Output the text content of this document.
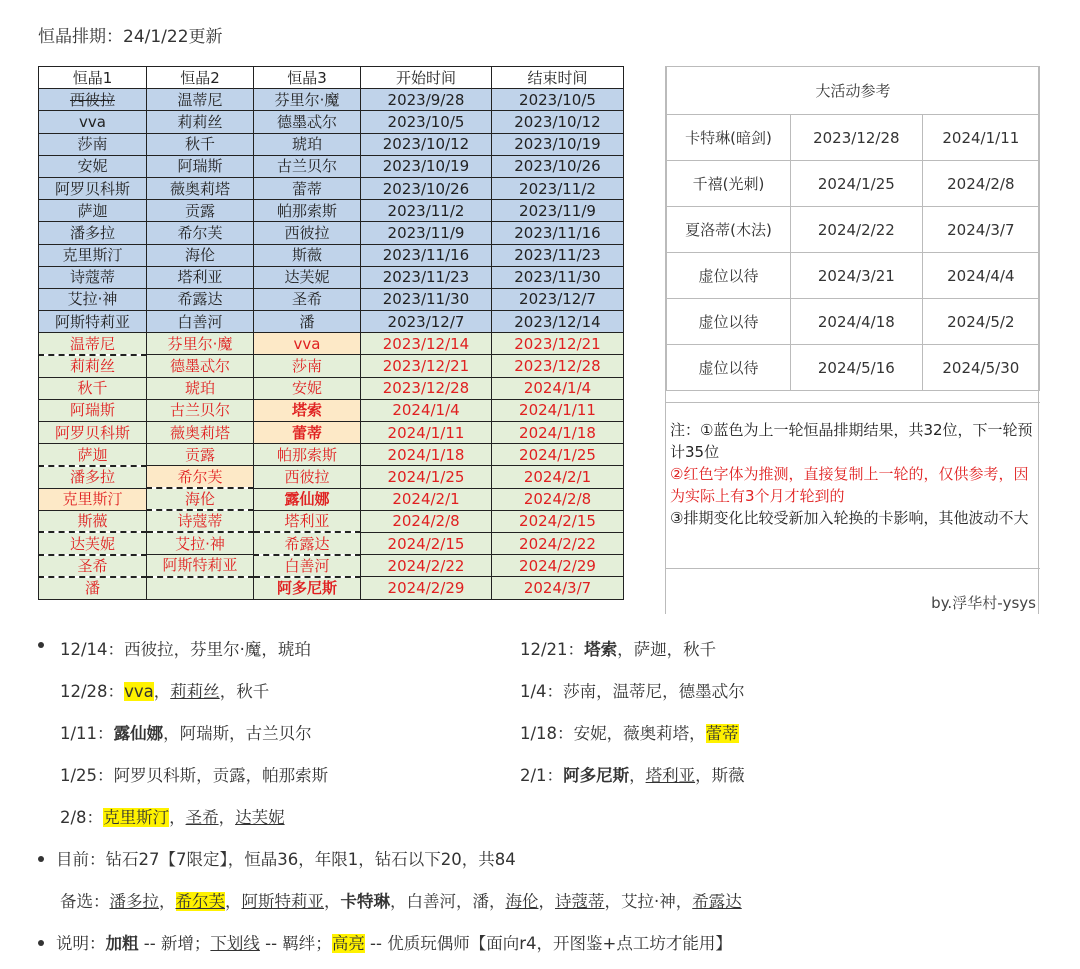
恒晶排期：24/1/22更新
恒晶1	恒晶2	恒晶3	开始时间	结束时间
西彼拉	温蒂尼	芬里尔·魔	2023/9/28	2023/10/5
vva	莉莉丝	德墨忒尔	2023/10/5	2023/10/12
莎南	秋千	琥珀	2023/10/12	2023/10/19
安妮	阿瑞斯	古兰贝尔	2023/10/19	2023/10/26
阿罗贝科斯	薇奥莉塔	蕾蒂	2023/10/26	2023/11/2
萨迦	贡露	帕那索斯	2023/11/2	2023/11/9
潘多拉	希尔芙	西彼拉	2023/11/9	2023/11/16
克里斯汀	海伦	斯薇	2023/11/16	2023/11/23
诗蔻蒂	塔利亚	达芙妮	2023/11/23	2023/11/30
艾拉·神	希露达	圣希	2023/11/30	2023/12/7
阿斯特莉亚	白善河	潘	2023/12/7	2023/12/14
温蒂尼	芬里尔·魔	vva	2023/12/14	2023/12/21
莉莉丝	德墨忒尔	莎南	2023/12/21	2023/12/28
秋千	琥珀	安妮	2023/12/28	2024/1/4
阿瑞斯	古兰贝尔	塔索	2024/1/4	2024/1/11
阿罗贝科斯	薇奥莉塔	蕾蒂	2024/1/11	2024/1/18
萨迦	贡露	帕那索斯	2024/1/18	2024/1/25
潘多拉	希尔芙	西彼拉	2024/1/25	2024/2/1
克里斯汀	海伦	露仙娜	2024/2/1	2024/2/8
斯薇	诗蔻蒂	塔利亚	2024/2/8	2024/2/15
达芙妮	艾拉·神	希露达	2024/2/15	2024/2/22
圣希	阿斯特莉亚	白善河	2024/2/22	2024/2/29
潘		阿多尼斯	2024/2/29	2024/3/7
大活动参考		
卡特琳(暗剑)	2023/12/28	2024/1/11
千禧(光刺)	2024/1/25	2024/2/8
夏洛蒂(木法)	2024/2/22	2024/3/7
虚位以待	2024/3/21	2024/4/4
虚位以待	2024/4/18	2024/5/2
虚位以待	2024/5/16	2024/5/30
注：①蓝色为上一轮恒晶排期结果，共32位，下一轮预计35位
②红色字体为推测，直接复制上一轮的，仅供参考，因为实际上有3个月才轮到的
③排期变化比较受新加入轮换的卡影响，其他波动不大
by.浮华村-ysys
12/14：西彼拉，芬里尔·魔，琥珀	12/21：塔索，萨迦，秋千
12/28：vva，莉莉丝，秋千	1/4：莎南，温蒂尼，德墨忒尔
1/11：露仙娜，阿瑞斯，古兰贝尔	1/18：安妮，薇奥莉塔，蕾蒂
1/25：阿罗贝科斯，贡露，帕那索斯	2/1：阿多尼斯，塔利亚，斯薇
2/8：克里斯汀，圣希，达芙妮
目前：钻石27【7限定】，恒晶36，年限1，钻石以下20，共84
备选：潘多拉，希尔芙，阿斯特莉亚，卡特琳，白善河，潘，海伦，诗蔻蒂，艾拉·神，希露达
说明：加粗 -- 新增；下划线 -- 羁绊；高亮 -- 优质玩偶师【面向r4，开图鉴+点工坊才能用】
